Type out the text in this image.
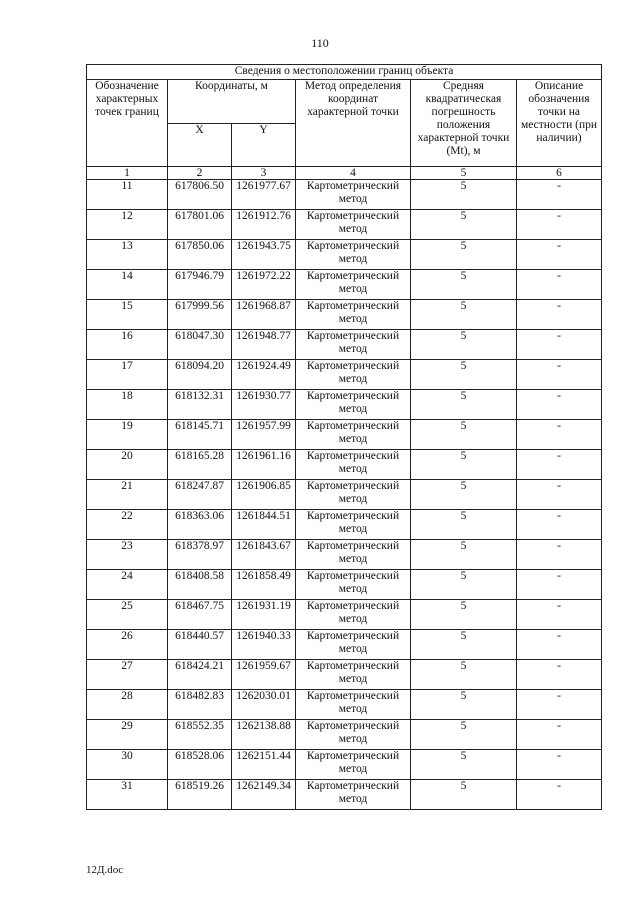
110
Сведения о местоположении границ объекта					
Обозначение характерных точек границ	Координаты, м		Метод определения координат характерной точки	Средняя квадратическая погрешность положения характерной точки (Mt), м	Описание обозначения точки на местности (при наличии)
	X	Y			
1	2	3	4	5	6
11	617806.50	1261977.67	Картометрический метод	5	-
12	617801.06	1261912.76	Картометрический метод	5	-
13	617850.06	1261943.75	Картометрический метод	5	-
14	617946.79	1261972.22	Картометрический метод	5	-
15	617999.56	1261968.87	Картометрический метод	5	-
16	618047.30	1261948.77	Картометрический метод	5	-
17	618094.20	1261924.49	Картометрический метод	5	-
18	618132.31	1261930.77	Картометрический метод	5	-
19	618145.71	1261957.99	Картометрический метод	5	-
20	618165.28	1261961.16	Картометрический метод	5	-
21	618247.87	1261906.85	Картометрический метод	5	-
22	618363.06	1261844.51	Картометрический метод	5	-
23	618378.97	1261843.67	Картометрический метод	5	-
24	618408.58	1261858.49	Картометрический метод	5	-
25	618467.75	1261931.19	Картометрический метод	5	-
26	618440.57	1261940.33	Картометрический метод	5	-
27	618424.21	1261959.67	Картометрический метод	5	-
28	618482.83	1262030.01	Картометрический метод	5	-
29	618552.35	1262138.88	Картометрический метод	5	-
30	618528.06	1262151.44	Картометрический метод	5	-
31	618519.26	1262149.34	Картометрический метод	5	-
12Д.doc
